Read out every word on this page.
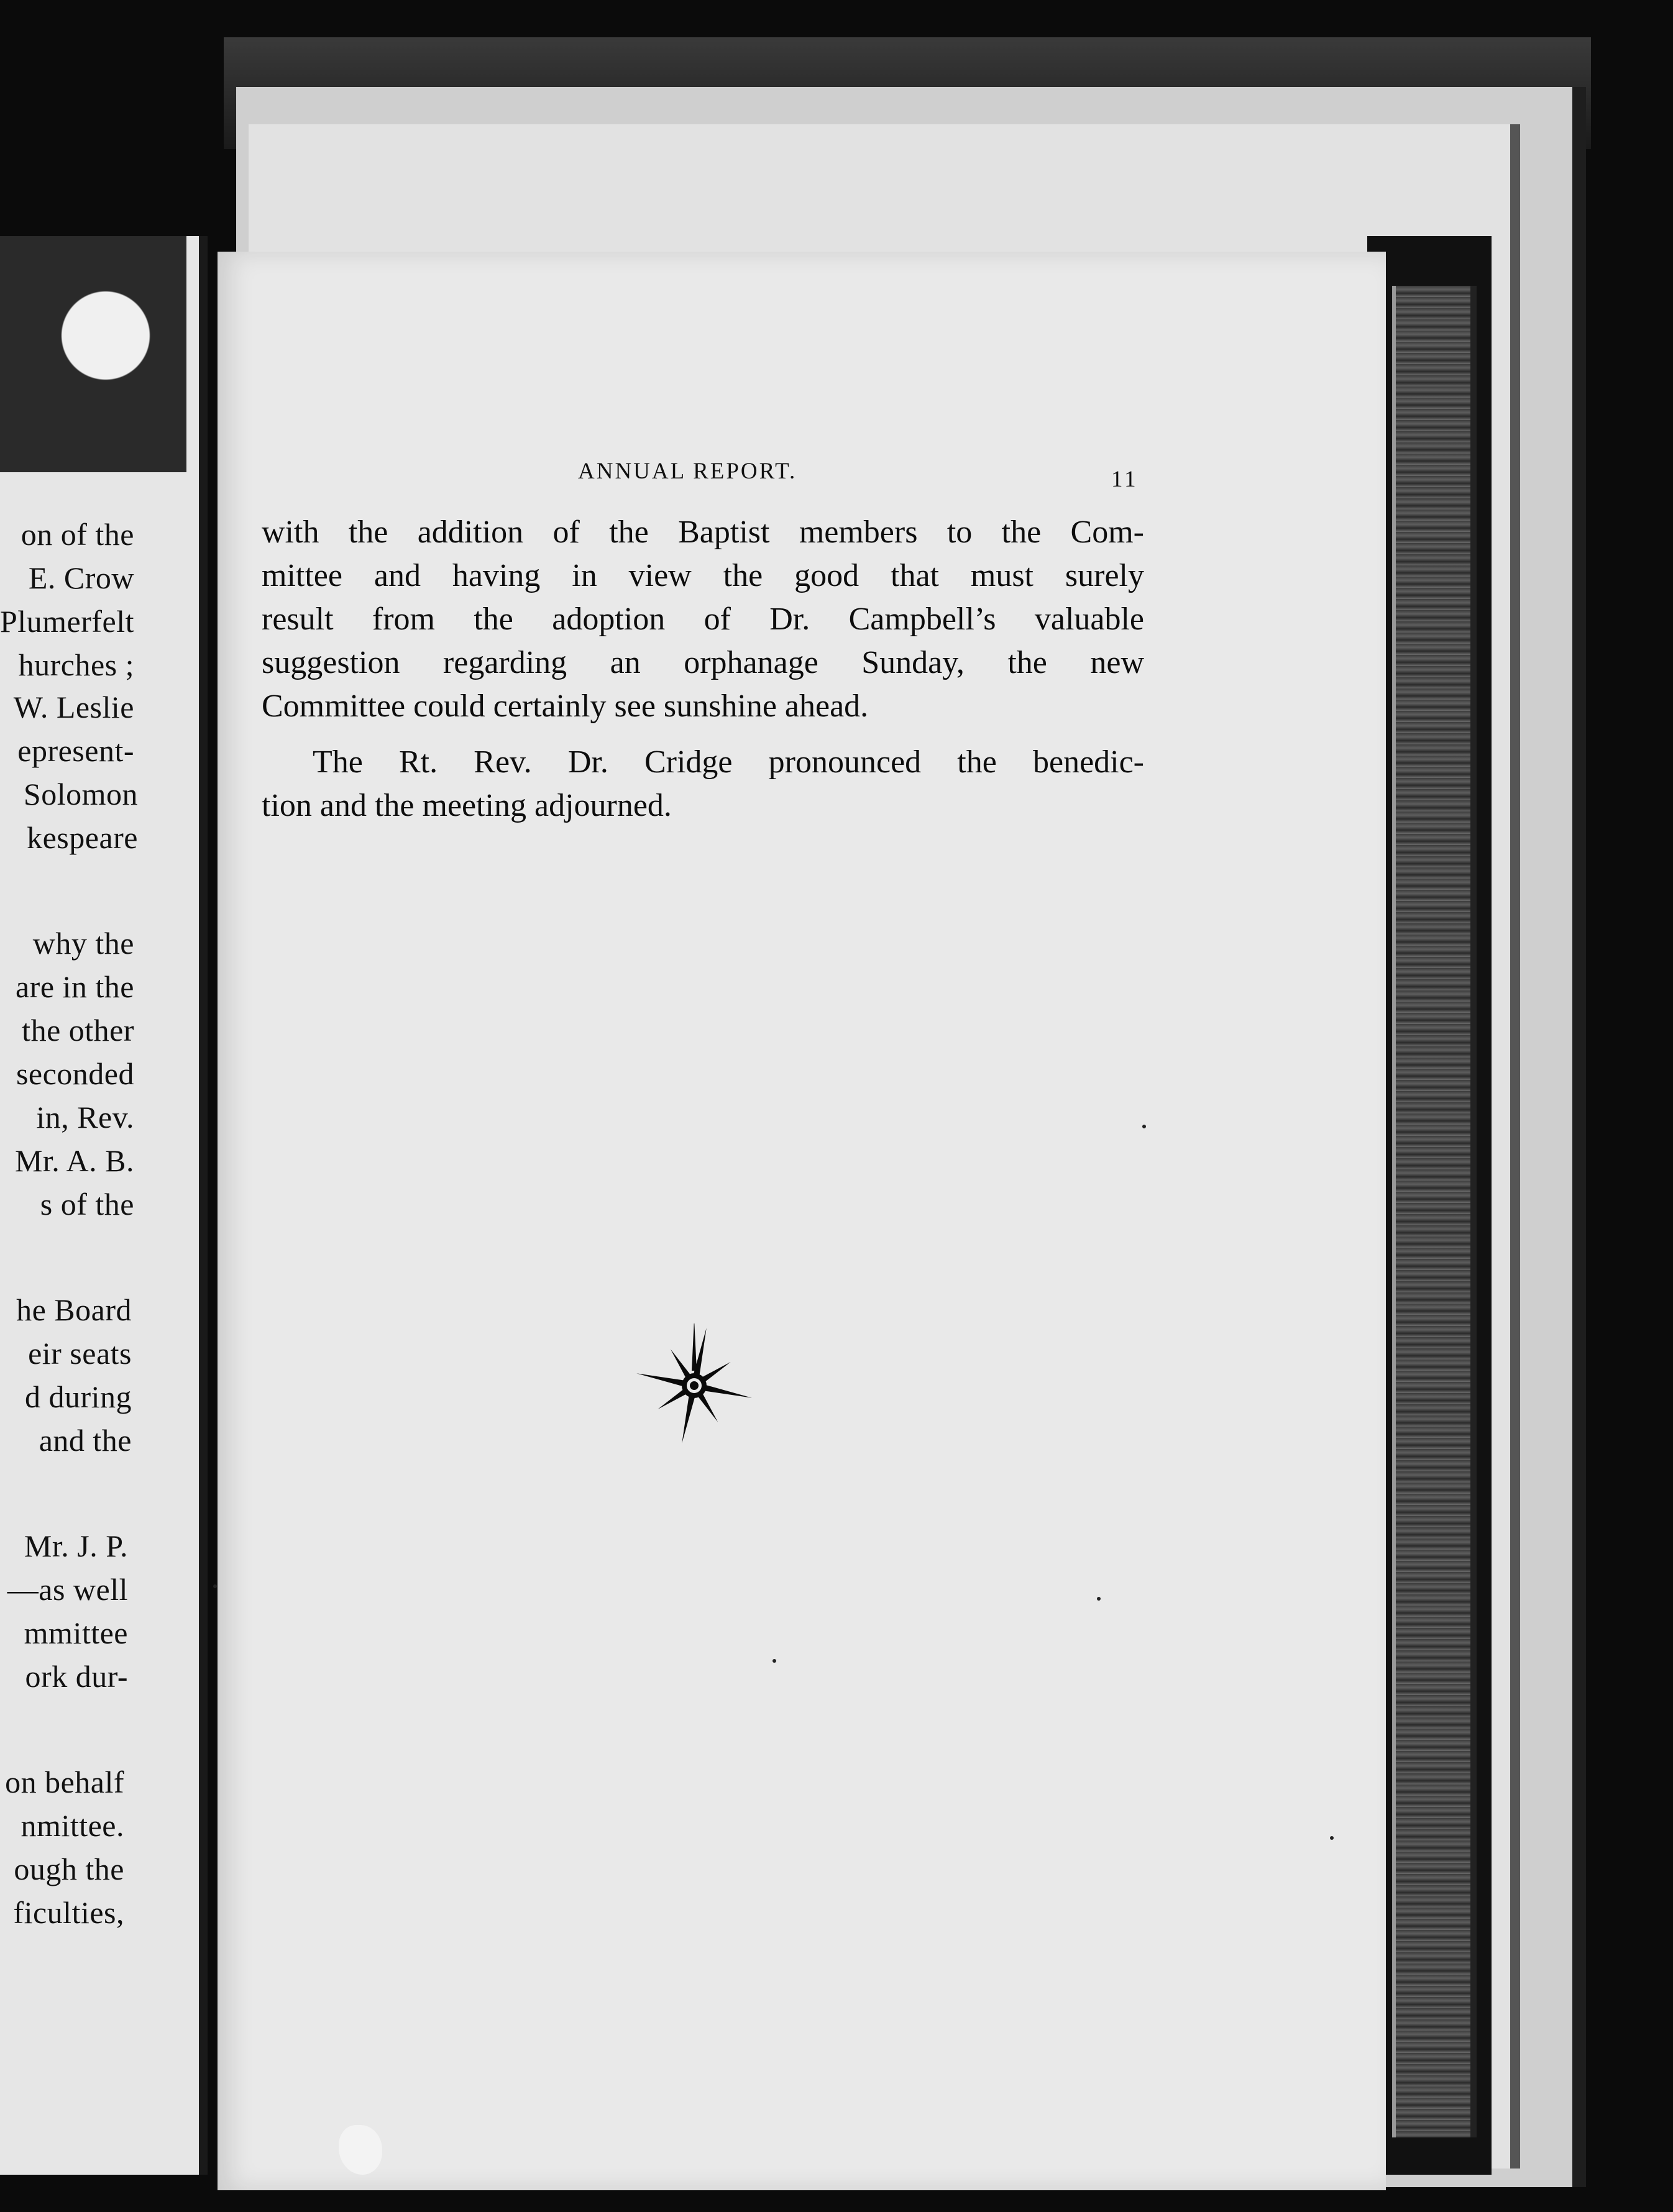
on of the
E. Crow
Plumerfelt
hurches ;
W. Leslie
epresent-
Solomon
kespeare
why the
are in the
the other
seconded
in, Rev.
Mr. A. B.
s of the
he Board
eir seats
d during
and the
Mr. J. P.
—as well
mmittee
ork dur-
on behalf
nmittee.
ough the
ficulties,
ANNUAL REPORT.	11

with the addition of the Baptist members to the Com-
mittee and having in view the good that must surely
result from the adoption of Dr. Campbell’s valuable
suggestion regarding an orphanage Sunday, the new
Committee could certainly see sunshine ahead.

The Rt. Rev. Dr. Cridge pronounced the benedic-
tion and the meeting adjourned.
